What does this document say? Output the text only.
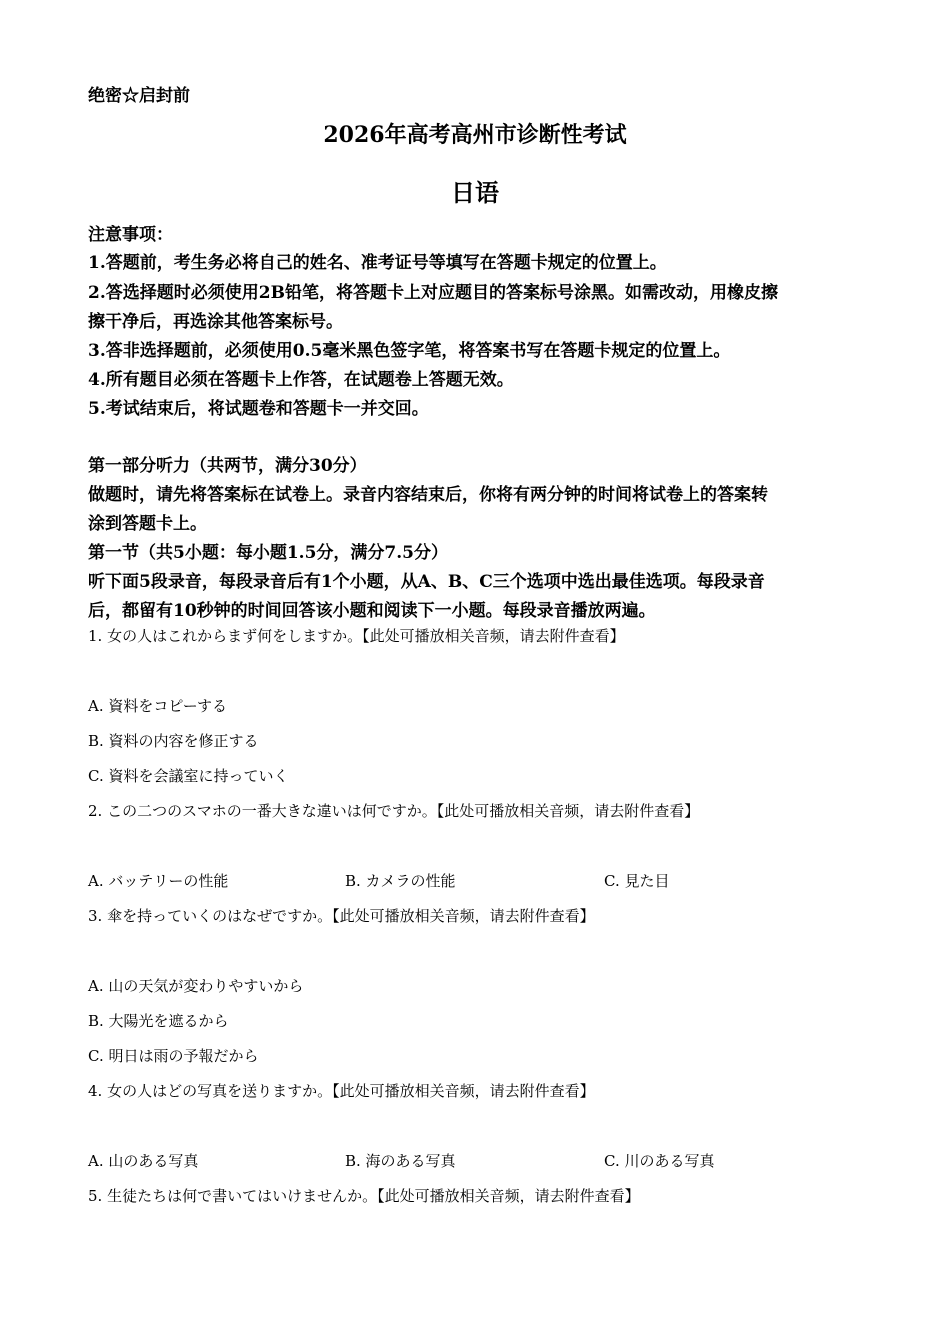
绝密☆启封前
2026年高考高州市诊断性考试
日语
注意事项：
1.答题前，考生务必将自己的姓名、准考证号等填写在答题卡规定的位置上。
2.答选择题时必须使用2B铅笔，将答题卡上对应题目的答案标号涂黑。如需改动，用橡皮擦
擦干净后，再选涂其他答案标号。
3.答非选择题前，必须使用0.5毫米黑色签字笔，将答案书写在答题卡规定的位置上。
4.所有题目必须在答题卡上作答，在试题卷上答题无效。
5.考试结束后，将试题卷和答题卡一并交回。
第一部分听力（共两节，满分30分）
做题时，请先将答案标在试卷上。录音内容结束后，你将有两分钟的时间将试卷上的答案转
涂到答题卡上。
第一节（共5小题：每小题1.5分，满分7.5分）
听下面5段录音，每段录音后有1个小题，从A、B、C三个选项中选出最佳选项。每段录音
后，都留有10秒钟的时间回答该小题和阅读下一小题。每段录音播放两遍。
1. 女の人はこれからまず何をしますか。【此处可播放相关音频，请去附件查看】
A. 資料をコピーする
B. 資料の内容を修正する
C. 資料を会議室に持っていく
2. この二つのスマホの一番大きな違いは何ですか。【此处可播放相关音频，请去附件查看】
A. バッテリーの性能	B. カメラの性能	C. 見た目
3. 傘を持っていくのはなぜですか。【此处可播放相关音频，请去附件查看】
A. 山の天気が変わりやすいから
B. 大陽光を遮るから
C. 明日は雨の予報だから
4. 女の人はどの写真を送りますか。【此处可播放相关音频，请去附件查看】
A. 山のある写真	B. 海のある写真	C. 川のある写真
5. 生徒たちは何で書いてはいけませんか。【此处可播放相关音频，请去附件查看】
